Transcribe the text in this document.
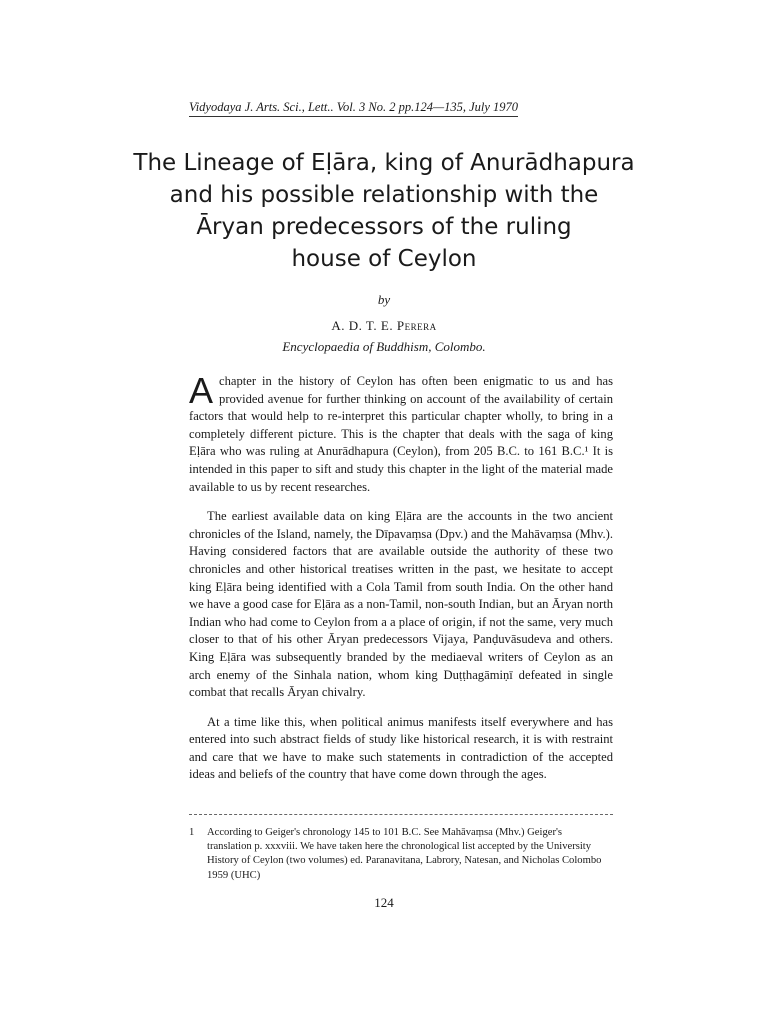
Vidyodaya J. Arts. Sci., Lett.. Vol. 3 No. 2 pp.124—135, July 1970
The Lineage of Eḷāra, king of Anurādhapura
and his possible relationship with the
Āryan predecessors of the ruling
house of Ceylon
by
A. D. T. E. Perera
Encyclopaedia of Buddhism, Colombo.

A chapter in the history of Ceylon has often been enigmatic to us and has provided avenue for further thinking on account of the availability of certain factors that would help to re-interpret this particular chapter wholly, to bring in a completely different picture. This is the chapter that deals with the saga of king Eḷāra who was ruling at Anurādhapura (Ceylon), from 205 B.C. to 161 B.C.¹ It is intended in this paper to sift and study this chapter in the light of the material made available to us by recent researches.

The earliest available data on king Eḷāra are the accounts in the two ancient chronicles of the Island, namely, the Dīpavaṃsa (Dpv.) and the Mahāvaṃsa (Mhv.). Having considered factors that are available outside the authority of these two chronicles and other historical treatises written in the past, we hesitate to accept king Eḷāra being identified with a Cola Tamil from south India. On the other hand we have a good case for Eḷāra as a non-Tamil, non-south Indian, but an Āryan north Indian who had come to Ceylon from a a place of origin, if not the same, very much closer to that of his other Āryan predecessors Vijaya, Panḍuvāsudeva and others. King Eḷāra was subsequently branded by the mediaeval writers of Ceylon as an arch enemy of the Sinhala nation, whom king Duṭṭhagāmiṇī defeated in single combat that recalls Āryan chivalry.

At a time like this, when political animus manifests itself everywhere and has entered into such abstract fields of study like historical research, it is with restraint and care that we have to make such statements in contradiction of the accepted ideas and beliefs of the country that have come down through the ages.

1 According to Geiger's chronology 145 to 101 B.C. See Mahāvaṃsa (Mhv.) Geiger's
translation p. xxxviii. We have taken here the chronological list accepted by the University History of Ceylon (two volumes) ed. Paranavitana, Labrory, Natesan, and Nicholas Colombo 1959 (UHC)
124
